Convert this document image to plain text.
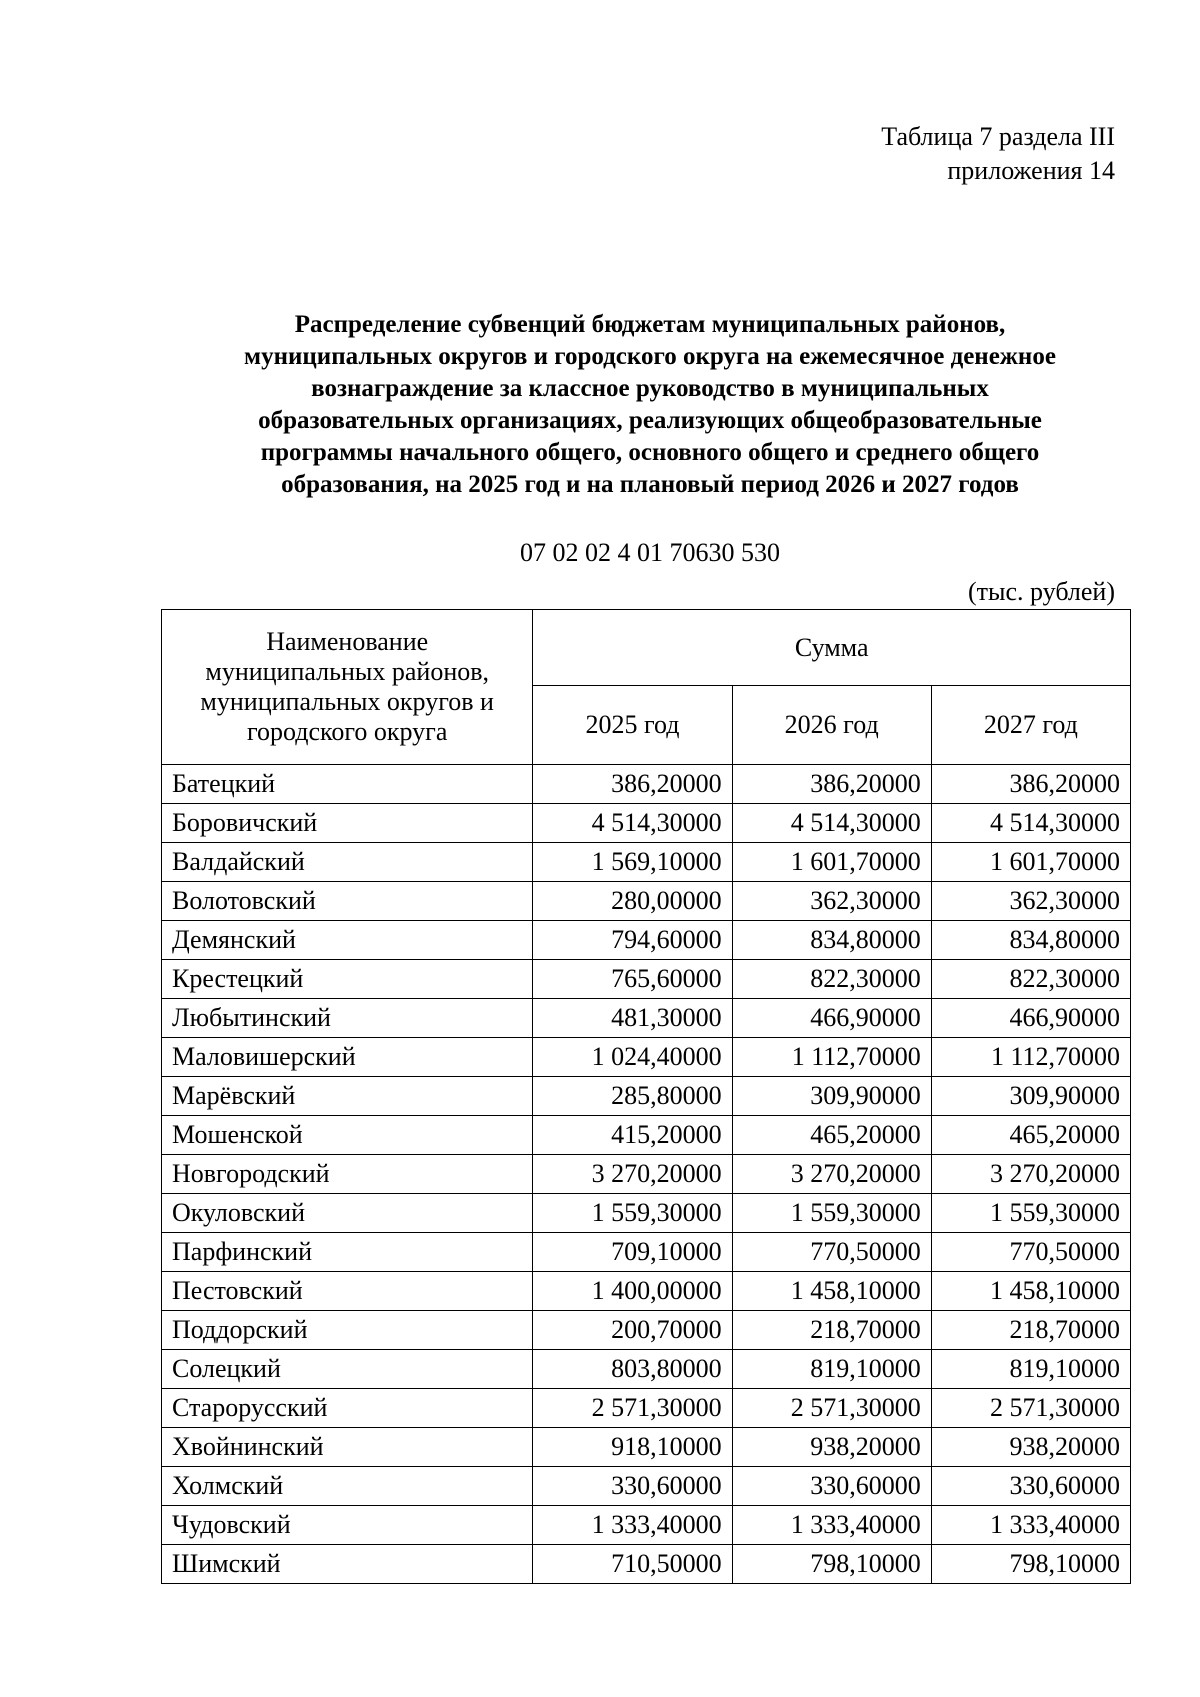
Таблица 7 раздела III
приложения 14
Распределение субвенций бюджетам муниципальных районов,
муниципальных округов и городского округа на ежемесячное денежное
вознаграждение за классное руководство в муниципальных
образовательных организациях, реализующих общеобразовательные
программы начального общего, основного общего и среднего общего
образования, на 2025 год и на плановый период 2026 и 2027 годов
07 02 02 4 01 70630 530
(тыс. рублей)
Наименование
муниципальных районов,
муниципальных округов и
городского округа	Сумма		
	2025 год	2026 год	2027 год
Батецкий	386,20000	386,20000	386,20000
Боровичский	4 514,30000	4 514,30000	4 514,30000
Валдайский	1 569,10000	1 601,70000	1 601,70000
Волотовский	280,00000	362,30000	362,30000
Демянский	794,60000	834,80000	834,80000
Крестецкий	765,60000	822,30000	822,30000
Любытинский	481,30000	466,90000	466,90000
Маловишерский	1 024,40000	1 112,70000	1 112,70000
Марёвский	285,80000	309,90000	309,90000
Мошенской	415,20000	465,20000	465,20000
Новгородский	3 270,20000	3 270,20000	3 270,20000
Окуловский	1 559,30000	1 559,30000	1 559,30000
Парфинский	709,10000	770,50000	770,50000
Пестовский	1 400,00000	1 458,10000	1 458,10000
Поддорский	200,70000	218,70000	218,70000
Солецкий	803,80000	819,10000	819,10000
Старорусский	2 571,30000	2 571,30000	2 571,30000
Хвойнинский	918,10000	938,20000	938,20000
Холмский	330,60000	330,60000	330,60000
Чудовский	1 333,40000	1 333,40000	1 333,40000
Шимский	710,50000	798,10000	798,10000
